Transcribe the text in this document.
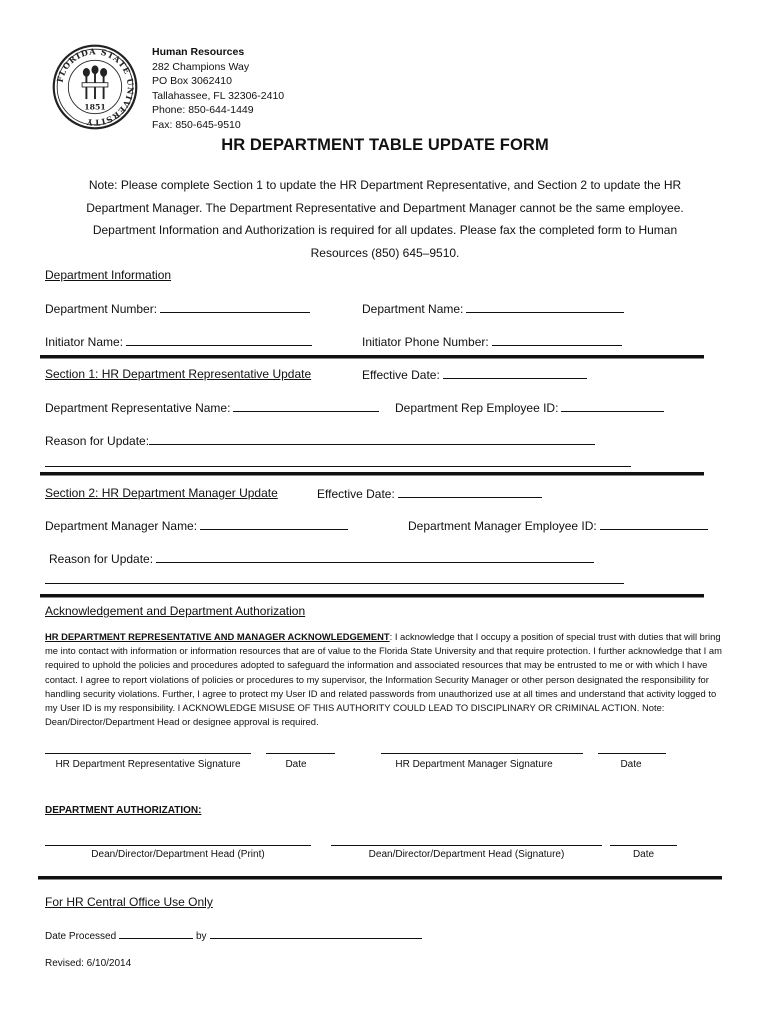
FLORIDA STATE UNIVERSITY
1851
Human Resources
282 Champions Way
PO Box 3062410
Tallahassee, FL 32306-2410
Phone: 850-644-1449
Fax: 850-645-9510
HR DEPARTMENT TABLE UPDATE FORM
Note: Please complete Section 1 to update the HR Department Representative, and Section 2 to update the HR
Department Manager. The Department Representative and Department Manager cannot be the same employee.
Department Information and Authorization is required for all updates. Please fax the completed form to Human
Resources (850) 645–9510.
Department Information
Department Number:	Department Name:
Initiator Name:	Initiator Phone Number:
Section 1: HR Department Representative Update	Effective Date:
Department Representative Name:	Department Rep Employee ID:
Reason for Update:
Section 2: HR Department Manager Update	Effective Date:
Department Manager Name:	Department Manager Employee ID:
Reason for Update:
Acknowledgement and Department Authorization
HR DEPARTMENT REPRESENTATIVE AND MANAGER ACKNOWLEDGEMENT: I acknowledge that I occupy a position of special trust with duties that will bring me into contact with information or information resources that are of value to the Florida State University and that require protection. I further acknowledge that I am required to uphold the policies and procedures adopted to safeguard the information and associated resources that may be entrusted to me or with which I have contact. I agree to report violations of policies or procedures to my supervisor, the Information Security Manager or other person designated the responsibility for handling security violations. Further, I agree to protect my User ID and related passwords from unauthorized use at all times and understand that activity logged to my User ID is my responsibility. I ACKNOWLEDGE MISUSE OF THIS AUTHORITY COULD LEAD TO DISCIPLINARY OR CRIMINAL ACTION. Note: Dean/Director/Department Head or designee approval is required.
HR Department Representative Signature	Date	HR Department Manager Signature	Date
DEPARTMENT AUTHORIZATION:
Dean/Director/Department Head (Print)	Dean/Director/Department Head (Signature)	Date
For HR Central Office Use Only
Date Processed	by
Revised: 6/10/2014
